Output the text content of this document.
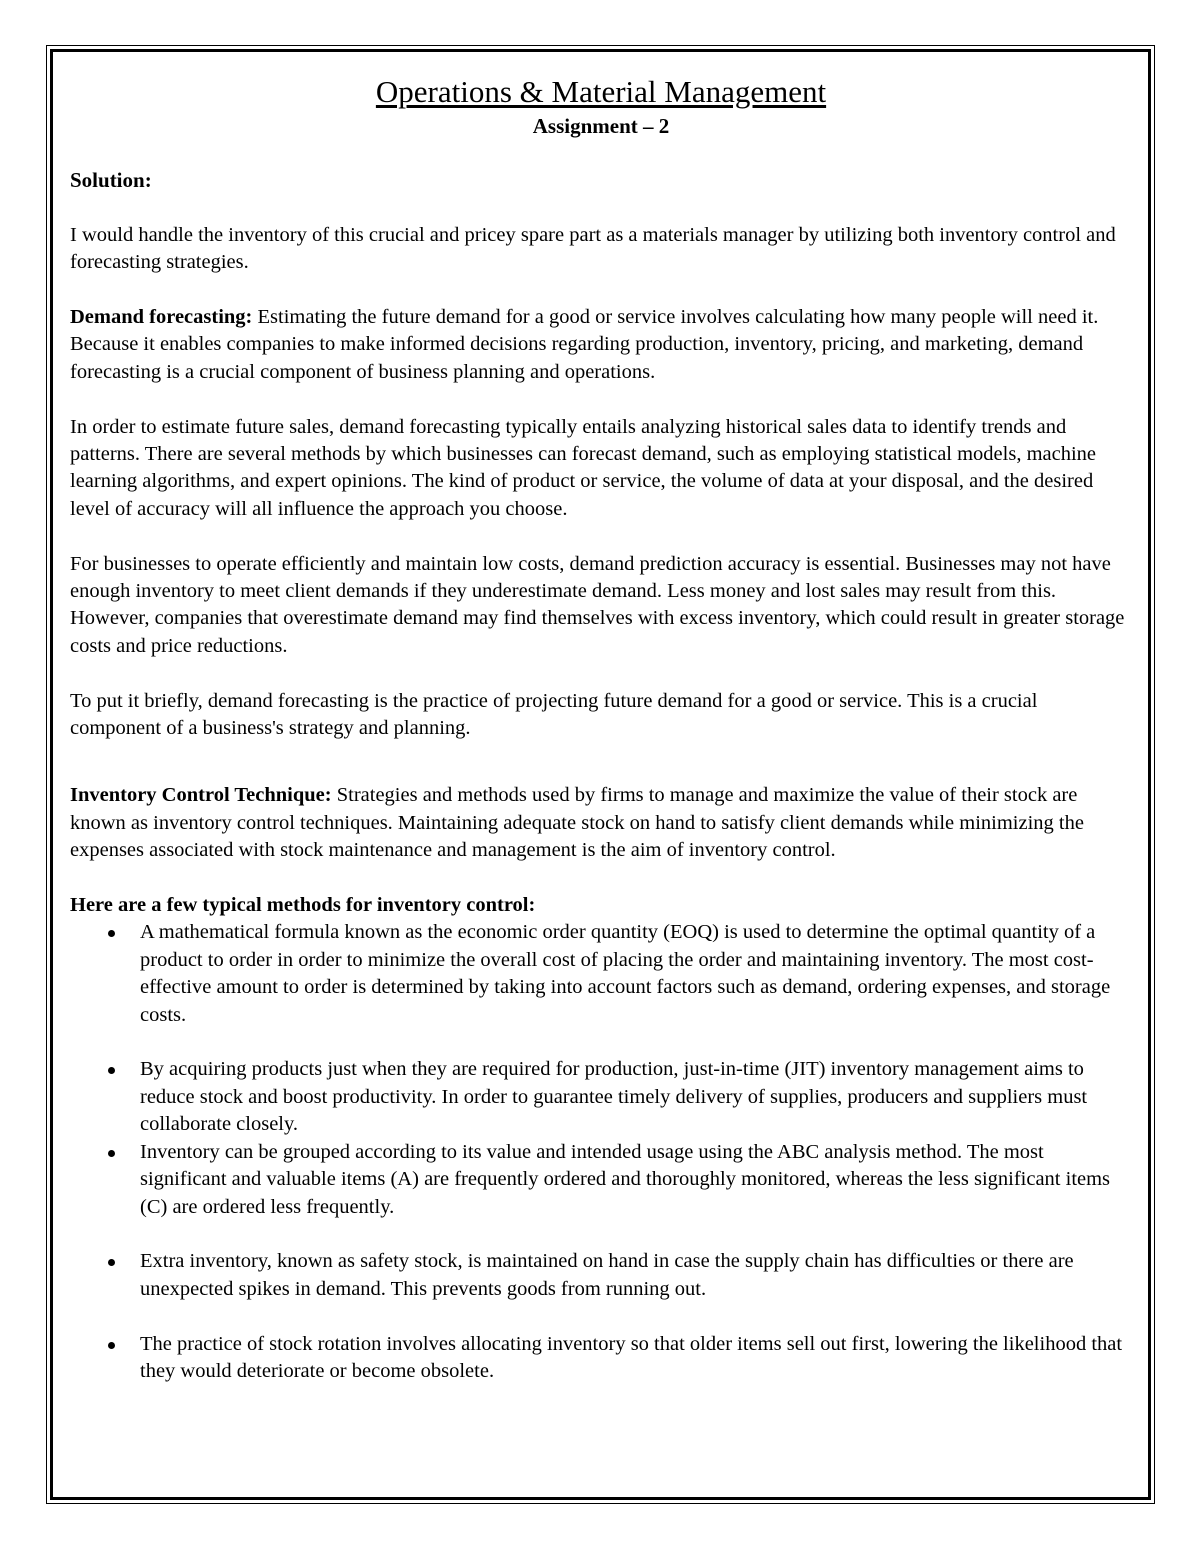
Operations & Material Management
Assignment – 2
Solution:

I would handle the inventory of this crucial and pricey spare part as a materials manager by utilizing both inventory control and forecasting strategies.

Demand forecasting: Estimating the future demand for a good or service involves calculating how many people will need it. Because it enables companies to make informed decisions regarding production, inventory, pricing, and marketing, demand forecasting is a crucial component of business planning and operations.

In order to estimate future sales, demand forecasting typically entails analyzing historical sales data to identify trends and patterns. There are several methods by which businesses can forecast demand, such as employing statistical models, machine learning algorithms, and expert opinions. The kind of product or service, the volume of data at your disposal, and the desired level of accuracy will all influence the approach you choose.

For businesses to operate efficiently and maintain low costs, demand prediction accuracy is essential. Businesses may not have enough inventory to meet client demands if they underestimate demand. Less money and lost sales may result from this. However, companies that overestimate demand may find themselves with excess inventory, which could result in greater storage costs and price reductions.

To put it briefly, demand forecasting is the practice of projecting future demand for a good or service. This is a crucial component of a business's strategy and planning.

Inventory Control Technique: Strategies and methods used by firms to manage and maximize the value of their stock are known as inventory control techniques. Maintaining adequate stock on hand to satisfy client demands while minimizing the expenses associated with stock maintenance and management is the aim of inventory control.

Here are a few typical methods for inventory control:
A mathematical formula known as the economic order quantity (EOQ) is used to determine the optimal quantity of a product to order in order to minimize the overall cost of placing the order and maintaining inventory. The most cost-effective amount to order is determined by taking into account factors such as demand, ordering expenses, and storage costs.
By acquiring products just when they are required for production, just-in-time (JIT) inventory management aims to reduce stock and boost productivity. In order to guarantee timely delivery of supplies, producers and suppliers must collaborate closely.
Inventory can be grouped according to its value and intended usage using the ABC analysis method. The most significant and valuable items (A) are frequently ordered and thoroughly monitored, whereas the less significant items (C) are ordered less frequently.
Extra inventory, known as safety stock, is maintained on hand in case the supply chain has difficulties or there are unexpected spikes in demand. This prevents goods from running out.
The practice of stock rotation involves allocating inventory so that older items sell out first, lowering the likelihood that they would deteriorate or become obsolete.
